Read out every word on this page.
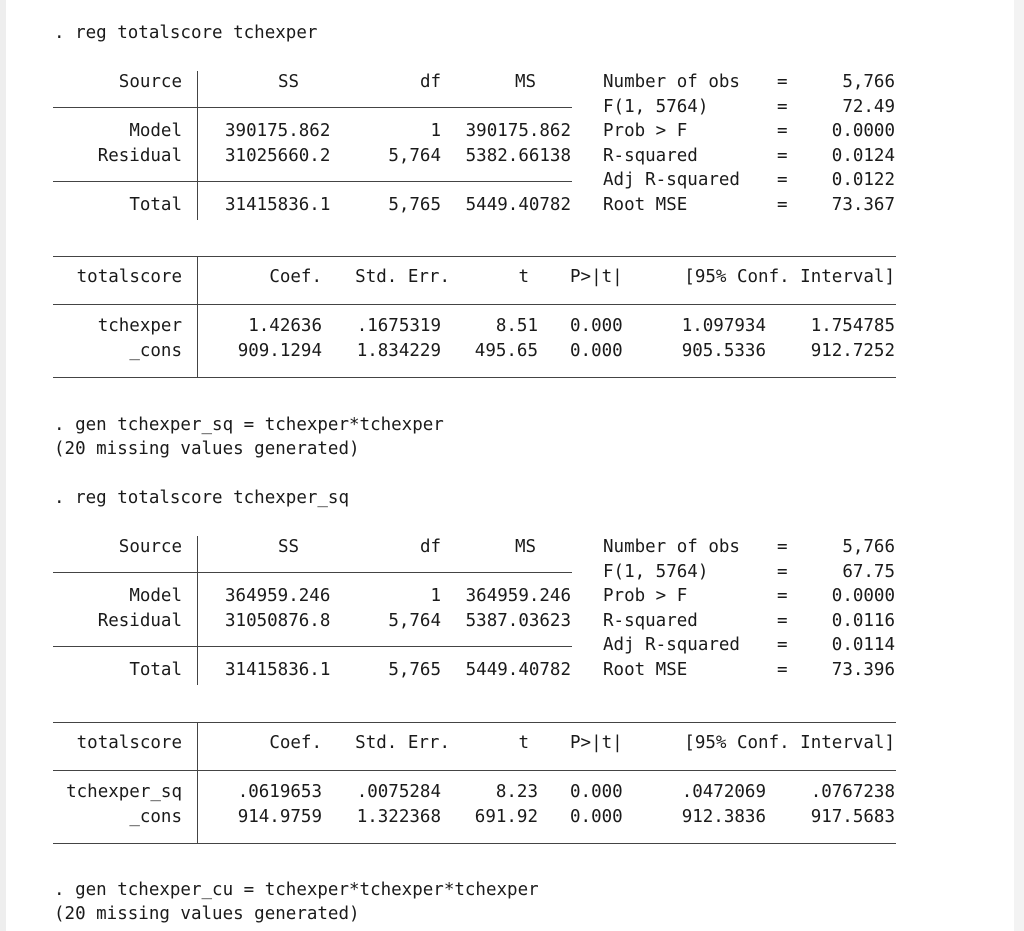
. reg totalscore tchexper
Source	SS	df	MS
Model 390175.862	1 390175.862
Residual 31025660.2	5,764 5382.66138
Total 31415836.1	5,765 5449.40782
Number of obs =	5,766
F(1, 5764)	=	72.49
Prob > F	=	0.0000
R-squared	=	0.0124
Adj R-squared =	0.0122
Root MSE	=	73.367
totalscore	Coef. Std. Err.	t P>|t|	[95% Conf. Interval]
tchexper	1.42636 .1675319	8.51 0.000	1.097934	1.754785
_cons	909.1294 1.834229 495.65 0.000	905.5336	912.7252
. gen tchexper_sq = tchexper*tchexper
(20 missing values generated)
. reg totalscore tchexper_sq
Source	SS	df	MS
Model 364959.246	1 364959.246
Residual 31050876.8	5,764 5387.03623
Total 31415836.1	5,765 5449.40782
Number of obs =	5,766
F(1, 5764)	=	67.75
Prob > F	=	0.0000
R-squared	=	0.0116
Adj R-squared =	0.0114
Root MSE	=	73.396
totalscore	Coef. Std. Err.	t P>|t|	[95% Conf. Interval]
tchexper_sq	.0619653 .0075284	8.23 0.000	.0472069	.0767238
_cons	914.9759 1.322368 691.92 0.000	912.3836	917.5683
. gen tchexper_cu = tchexper*tchexper*tchexper
(20 missing values generated)
